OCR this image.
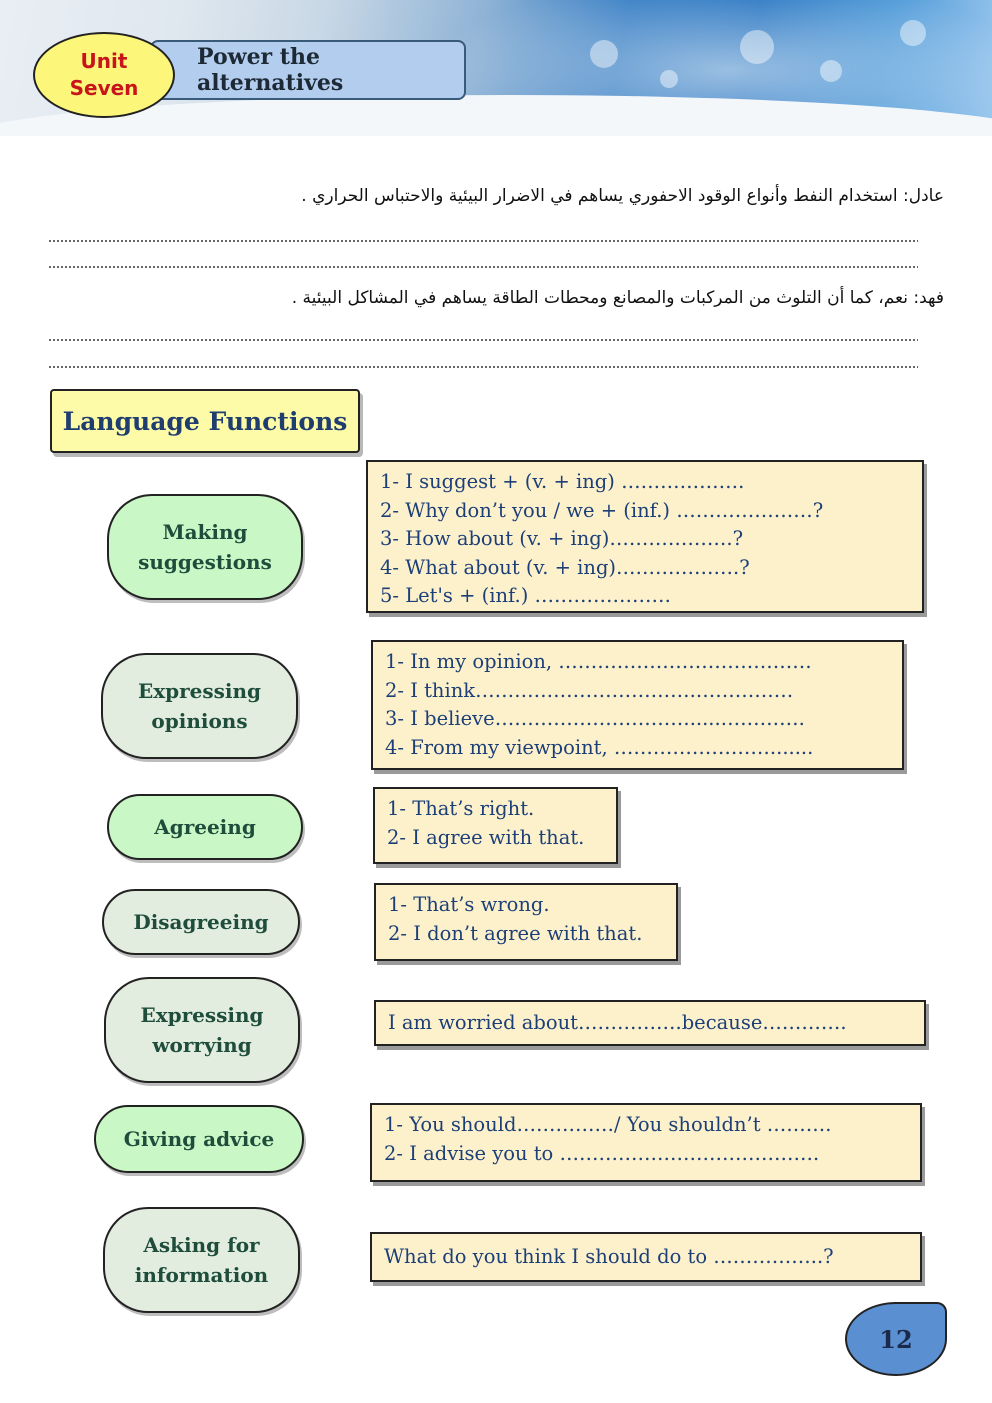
Unit
Seven
Power the alternatives
عادل: استخدام النفط وأنواع الوقود الاحفوري يساهم في الاضرار البيئية والاحتباس الحراري .
فهد: نعم، كما أن التلوث من المركبات والمصانع ومحطات الطاقة يساهم في المشاكل البيئية .
Language Functions
Making
suggestions
1- I suggest + (v. + ing) ……………….
2- Why don’t you / we + (inf.) …………………?
3- How about (v. + ing)……………….?
4- What about (v. + ing)……………….?
5- Let's + (inf.) …………………
Expressing
opinions
1- In my opinion, …………………………………
2- I think…………………………….……………
3- I believe………………………….....………….
4- From my viewpoint, …………………….......
Agreeing
1- That’s right.
2- I agree with that.
Disagreeing
1- That’s wrong.
2- I don’t agree with that.
Expressing
worrying
I am worried about…………….because………….
Giving advice
1- You should……………/ You shouldn’t ……….
2- I advise you to ………………………………….
Asking for
information
What do you think I should do to ……………..?
12
